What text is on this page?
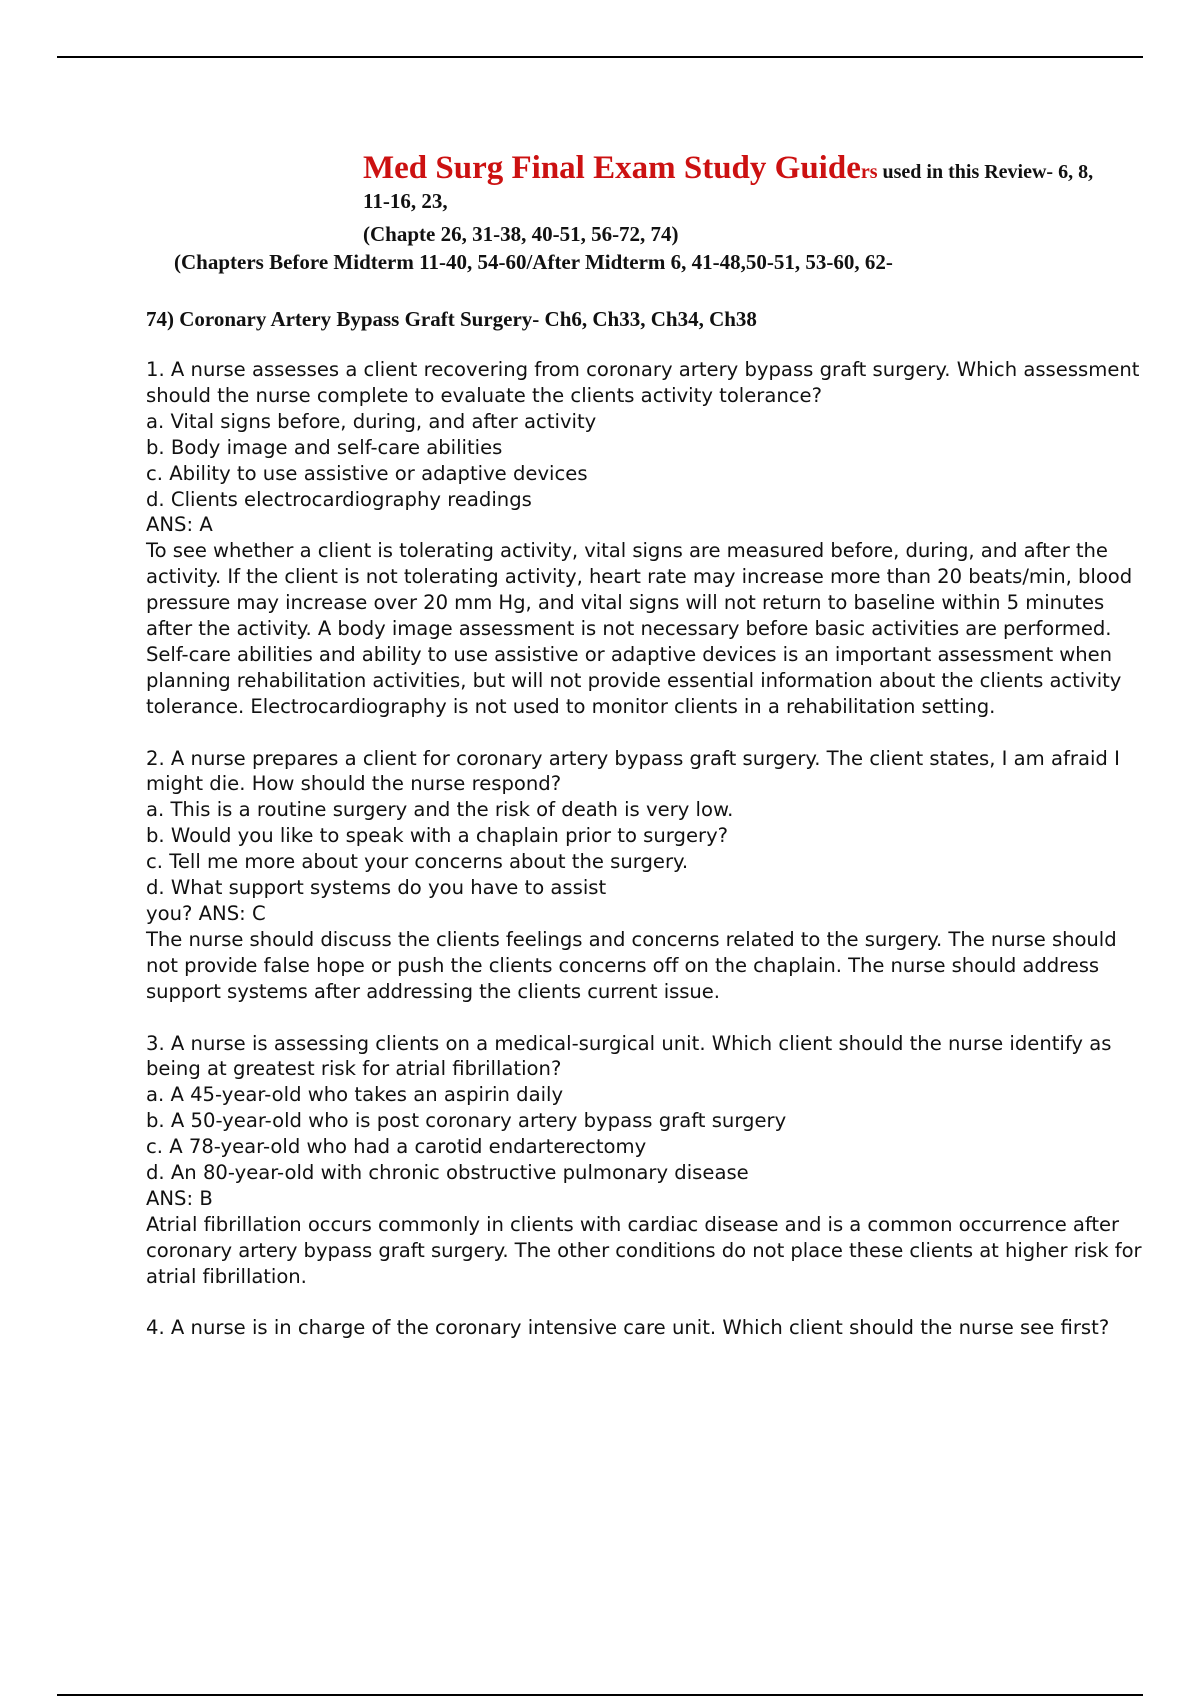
Med Surg Final Exam Study Guiders used in this Review- 6, 8,
11-16, 23,
(Chapte 26, 31-38, 40-51, 56-72, 74)
(Chapters Before Midterm 11-40, 54-60/After Midterm 6, 41-48,50-51, 53-60, 62-
74) Coronary Artery Bypass Graft Surgery- Ch6, Ch33, Ch34, Ch38

1. A nurse assesses a client recovering from coronary artery bypass graft surgery. Which assessment should the nurse complete to evaluate the clients activity tolerance?

a. Vital signs before, during, and after activity

b. Body image and self-care abilities

c. Ability to use assistive or adaptive devices

d. Clients electrocardiography readings

ANS: A

To see whether a client is tolerating activity, vital signs are measured before, during, and after the activity. If the client is not tolerating activity, heart rate may increase more than 20 beats/min, blood pressure may increase over 20 mm Hg, and vital signs will not return to baseline within 5 minutes after the activity. A body image assessment is not necessary before basic activities are performed. Self-care abilities and ability to use assistive or adaptive devices is an important assessment when planning rehabilitation activities, but will not provide essential information about the clients activity tolerance. Electrocardiography is not used to monitor clients in a rehabilitation setting.

2. A nurse prepares a client for coronary artery bypass graft surgery. The client states, I am afraid I might die. How should the nurse respond?

a. This is a routine surgery and the risk of death is very low.

b. Would you like to speak with a chaplain prior to surgery?

c. Tell me more about your concerns about the surgery.

d. What support systems do you have to assist

you? ANS: C

The nurse should discuss the clients feelings and concerns related to the surgery. The nurse should not provide false hope or push the clients concerns off on the chaplain. The nurse should address support systems after addressing the clients current issue.

3. A nurse is assessing clients on a medical-surgical unit. Which client should the nurse identify as being at greatest risk for atrial fibrillation?

a. A 45-year-old who takes an aspirin daily

b. A 50-year-old who is post coronary artery bypass graft surgery

c. A 78-year-old who had a carotid endarterectomy

d. An 80-year-old with chronic obstructive pulmonary disease

ANS: B

Atrial fibrillation occurs commonly in clients with cardiac disease and is a common occurrence after coronary artery bypass graft surgery. The other conditions do not place these clients at higher risk for atrial fibrillation.

4. A nurse is in charge of the coronary intensive care unit. Which client should the nurse see first?
